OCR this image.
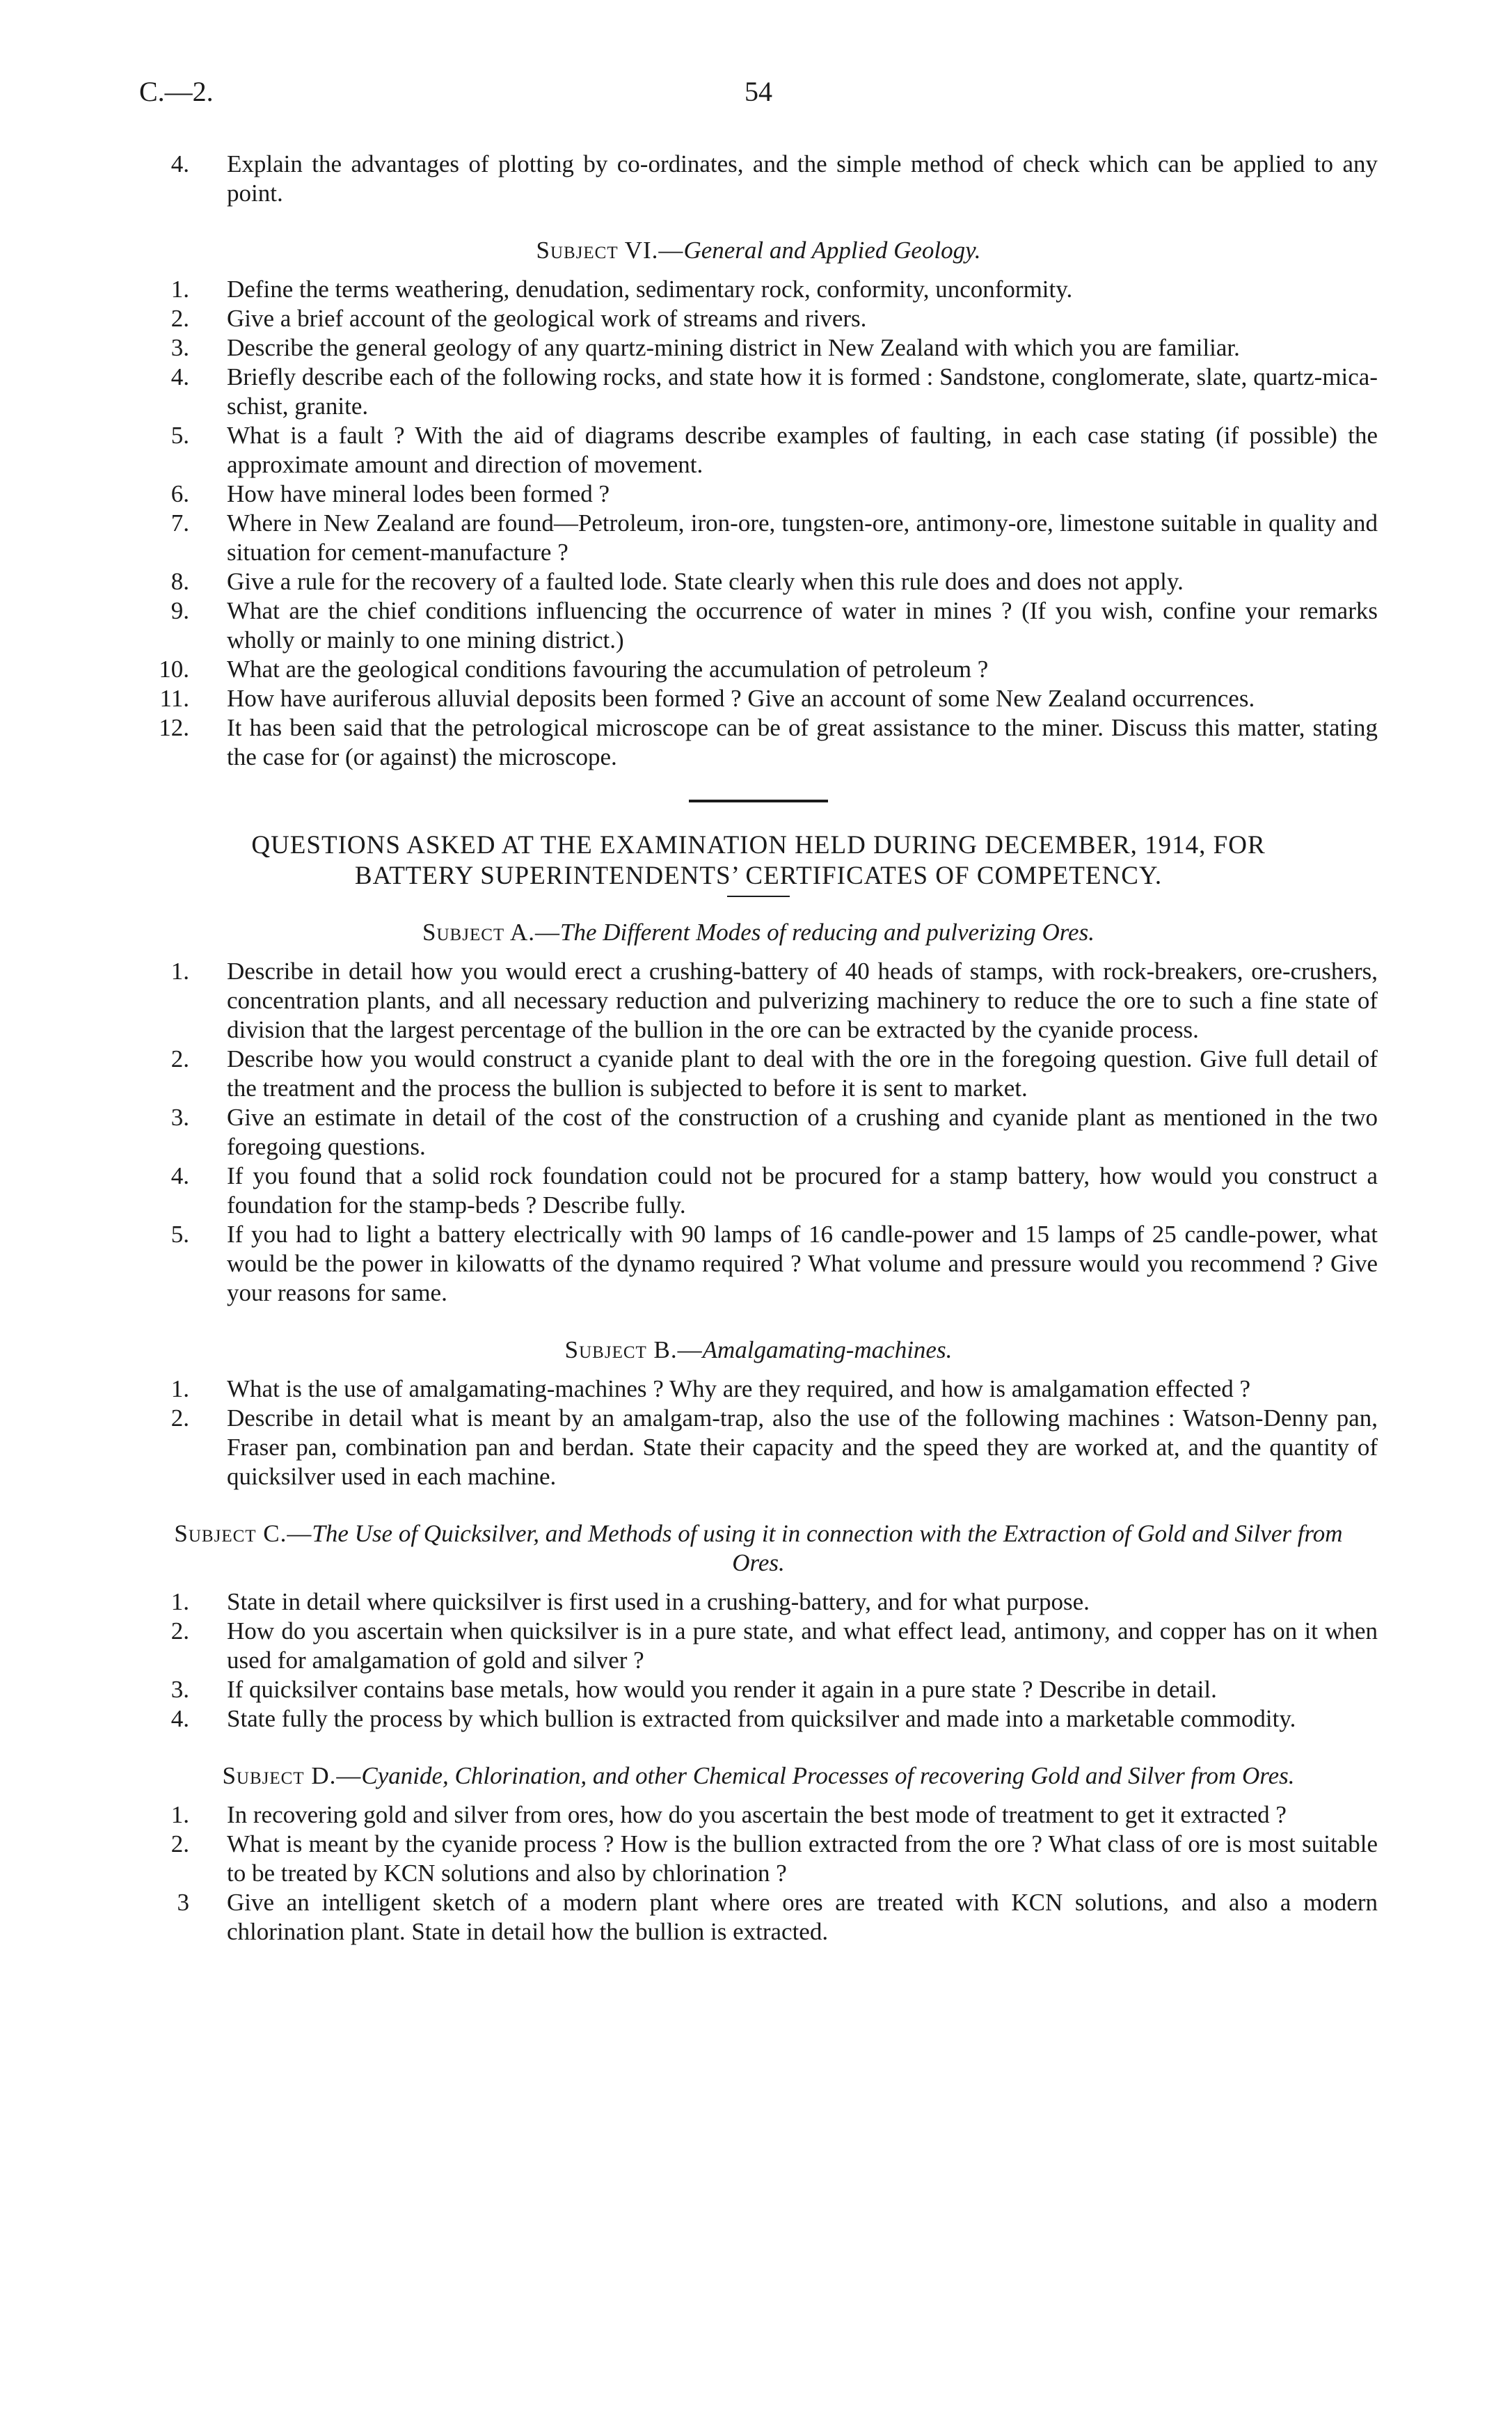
C.—2.	54
4. Explain the advantages of plotting by co-ordinates, and the simple method of check which can be applied to any point.
Subject VI.—General and Applied Geology.
1. Define the terms weathering, denudation, sedimentary rock, conformity, unconformity.
2. Give a brief account of the geological work of streams and rivers.
3. Describe the general geology of any quartz-mining district in New Zealand with which you are familiar.
4. Briefly describe each of the following rocks, and state how it is formed : Sandstone, conglomerate, slate, quartz-mica-schist, granite.
5. What is a fault ? With the aid of diagrams describe examples of faulting, in each case stating (if possible) the approximate amount and direction of movement.
6. How have mineral lodes been formed ?
7. Where in New Zealand are found—Petroleum, iron-ore, tungsten-ore, antimony-ore, limestone suitable in quality and situation for cement-manufacture ?
8. Give a rule for the recovery of a faulted lode. State clearly when this rule does and does not apply.
9. What are the chief conditions influencing the occurrence of water in mines ? (If you wish, confine your remarks wholly or mainly to one mining district.)
10. What are the geological conditions favouring the accumulation of petroleum ?
11. How have auriferous alluvial deposits been formed ? Give an account of some New Zealand occurrences.
12. It has been said that the petrological microscope can be of great assistance to the miner. Discuss this matter, stating the case for (or against) the microscope.
QUESTIONS ASKED AT THE EXAMINATION HELD DURING DECEMBER, 1914, FOR
BATTERY SUPERINTENDENTS’ CERTIFICATES OF COMPETENCY.
Subject A.—The Different Modes of reducing and pulverizing Ores.
1. Describe in detail how you would erect a crushing-battery of 40 heads of stamps, with rock-breakers, ore-crushers, concentration plants, and all necessary reduction and pulverizing machinery to reduce the ore to such a fine state of division that the largest percentage of the bullion in the ore can be extracted by the cyanide process.
2. Describe how you would construct a cyanide plant to deal with the ore in the foregoing question. Give full detail of the treatment and the process the bullion is subjected to before it is sent to market.
3. Give an estimate in detail of the cost of the construction of a crushing and cyanide plant as mentioned in the two foregoing questions.
4. If you found that a solid rock foundation could not be procured for a stamp battery, how would you construct a foundation for the stamp-beds ? Describe fully.
5. If you had to light a battery electrically with 90 lamps of 16 candle-power and 15 lamps of 25 candle-power, what would be the power in kilowatts of the dynamo required ? What volume and pressure would you recommend ? Give your reasons for same.
Subject B.—Amalgamating-machines.
1. What is the use of amalgamating-machines ? Why are they required, and how is amalgamation effected ?
2. Describe in detail what is meant by an amalgam-trap, also the use of the following machines : Watson-Denny pan, Fraser pan, combination pan and berdan. State their capacity and the speed they are worked at, and the quantity of quicksilver used in each machine.
Subject C.—The Use of Quicksilver, and Methods of using it in connection with the Extraction of Gold and Silver from Ores.
1. State in detail where quicksilver is first used in a crushing-battery, and for what purpose.
2. How do you ascertain when quicksilver is in a pure state, and what effect lead, antimony, and copper has on it when used for amalgamation of gold and silver ?
3. If quicksilver contains base metals, how would you render it again in a pure state ? Describe in detail.
4. State fully the process by which bullion is extracted from quicksilver and made into a marketable commodity.
Subject D.—Cyanide, Chlorination, and other Chemical Processes of recovering Gold and Silver from Ores.
1. In recovering gold and silver from ores, how do you ascertain the best mode of treatment to get it extracted ?
2. What is meant by the cyanide process ? How is the bullion extracted from the ore ? What class of ore is most suitable to be treated by KCN solutions and also by chlorination ?
3 Give an intelligent sketch of a modern plant where ores are treated with KCN solutions, and also a modern chlorination plant. State in detail how the bullion is extracted.
